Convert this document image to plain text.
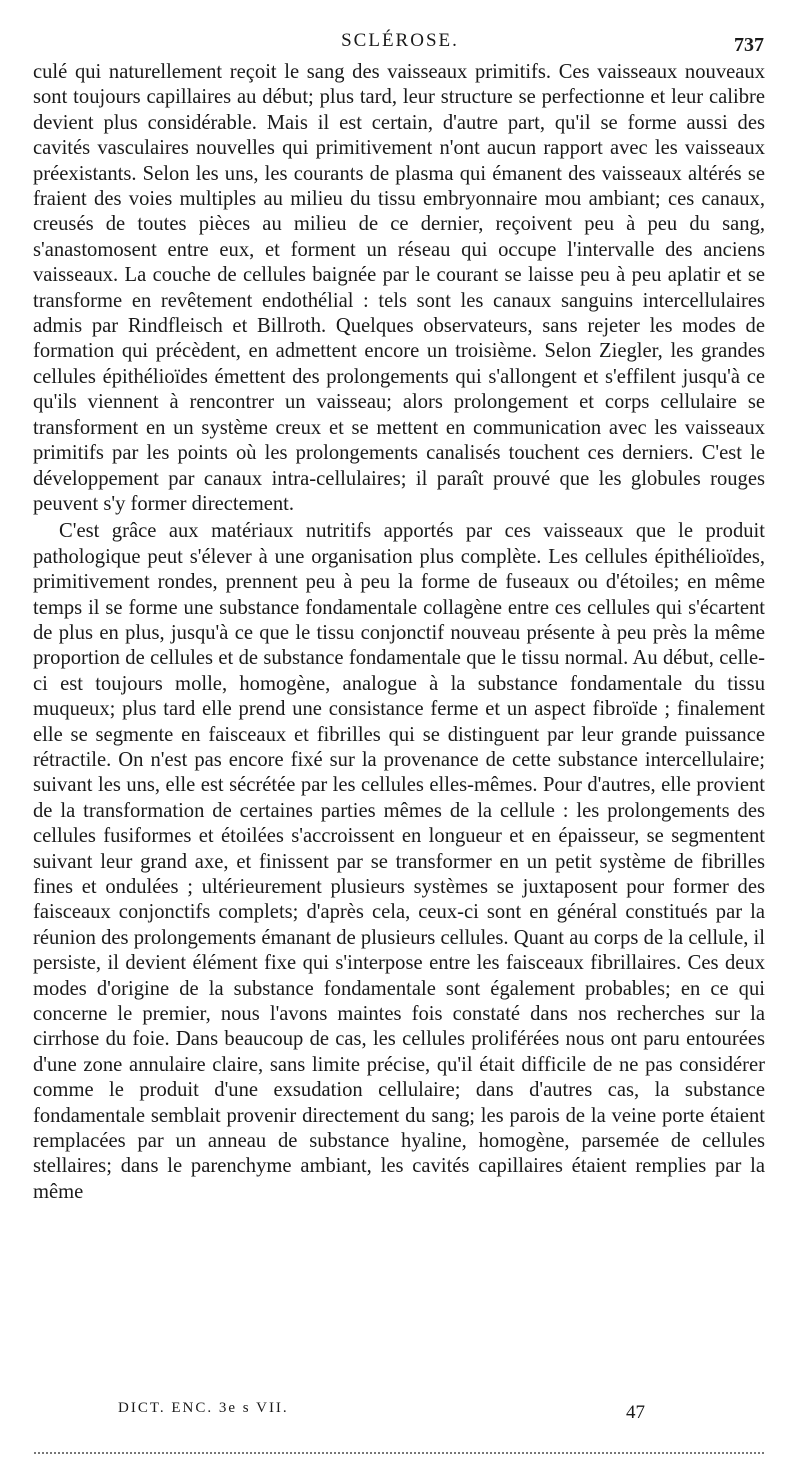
SCLÉROSE.	737

culé qui naturellement reçoit le sang des vaisseaux primitifs. Ces vaisseaux nouveaux sont toujours capillaires au début; plus tard, leur structure se perfectionne et leur calibre devient plus considérable. Mais il est certain, d'autre part, qu'il se forme aussi des cavités vasculaires nouvelles qui primitivement n'ont aucun rapport avec les vaisseaux préexistants. Selon les uns, les courants de plasma qui émanent des vaisseaux altérés se fraient des voies multiples au milieu du tissu embryonnaire mou ambiant; ces canaux, creusés de toutes pièces au milieu de ce dernier, reçoivent peu à peu du sang, s'anastomosent entre eux, et forment un réseau qui occupe l'intervalle des anciens vaisseaux. La couche de cellules baignée par le courant se laisse peu à peu aplatir et se transforme en revêtement endothélial : tels sont les canaux sanguins intercellulaires admis par Rindfleisch et Billroth. Quelques observateurs, sans rejeter les modes de formation qui précèdent, en admettent encore un troisième. Selon Ziegler, les grandes cellules épithélioïdes émettent des prolongements qui s'allongent et s'effilent jusqu'à ce qu'ils viennent à rencontrer un vaisseau; alors prolongement et corps cellulaire se transforment en un système creux et se mettent en communication avec les vaisseaux primitifs par les points où les prolongements canalisés touchent ces derniers. C'est le développement par canaux intra-cellulaires; il paraît prouvé que les globules rouges peuvent s'y former directement.

C'est grâce aux matériaux nutritifs apportés par ces vaisseaux que le produit pathologique peut s'élever à une organisation plus complète. Les cellules épithélioïdes, primitivement rondes, prennent peu à peu la forme de fuseaux ou d'étoiles; en même temps il se forme une substance fondamentale collagène entre ces cellules qui s'écartent de plus en plus, jusqu'à ce que le tissu conjonctif nouveau présente à peu près la même proportion de cellules et de substance fondamentale que le tissu normal. Au début, celle-ci est toujours molle, homogène, analogue à la substance fondamentale du tissu muqueux; plus tard elle prend une consistance ferme et un aspect fibroïde ; finalement elle se segmente en faisceaux et fibrilles qui se distinguent par leur grande puissance rétractile. On n'est pas encore fixé sur la provenance de cette substance intercellulaire; suivant les uns, elle est sécrétée par les cellules elles-mêmes. Pour d'autres, elle provient de la transformation de certaines parties mêmes de la cellule : les prolongements des cellules fusiformes et étoilées s'accroissent en longueur et en épaisseur, se segmentent suivant leur grand axe, et finissent par se transformer en un petit système de fibrilles fines et ondulées ; ultérieurement plusieurs systèmes se juxtaposent pour former des faisceaux conjonctifs complets; d'après cela, ceux-ci sont en général constitués par la réunion des prolongements émanant de plusieurs cellules. Quant au corps de la cellule, il persiste, il devient élément fixe qui s'interpose entre les faisceaux fibrillaires. Ces deux modes d'origine de la substance fondamentale sont également probables; en ce qui concerne le premier, nous l'avons maintes fois constaté dans nos recherches sur la cirrhose du foie. Dans beaucoup de cas, les cellules proliférées nous ont paru entourées d'une zone annulaire claire, sans limite précise, qu'il était difficile de ne pas considérer comme le produit d'une exsudation cellulaire; dans d'autres cas, la substance fondamentale semblait provenir directement du sang; les parois de la veine porte étaient remplacées par un anneau de substance hyaline, homogène, parsemée de cellules stellaires; dans le parenchyme ambiant, les cavités capillaires étaient remplies par la même

DICT. ENC. 3e s VII.	47
